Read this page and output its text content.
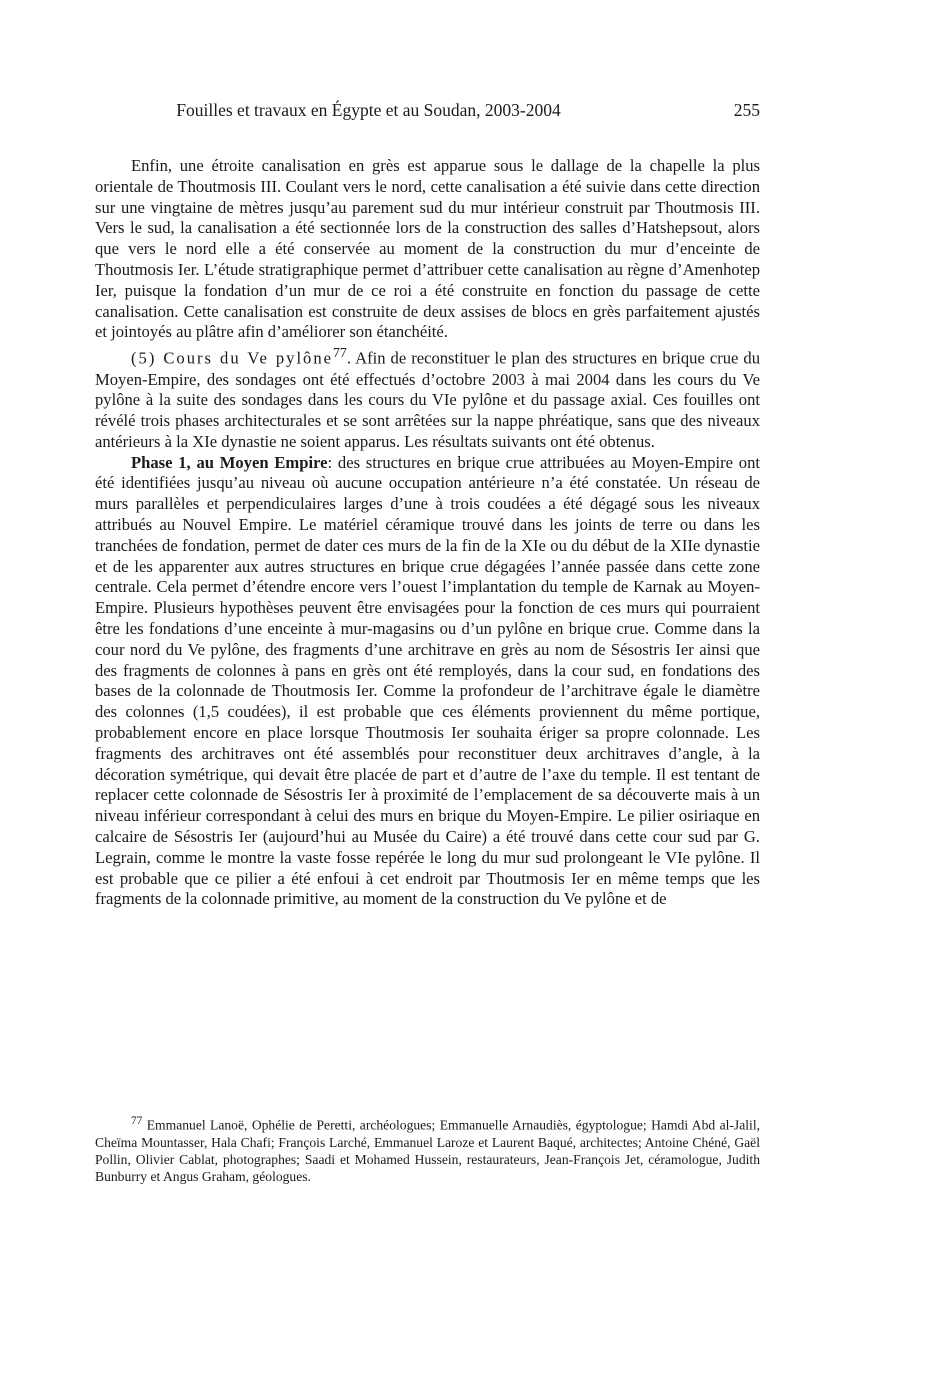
Fouilles et travaux en Égypte et au Soudan, 2003-2004	255

Enfin, une étroite canalisation en grès est apparue sous le dallage de la chapelle la plus orientale de Thoutmosis III. Coulant vers le nord, cette canalisation a été suivie dans cette direction sur une vingtaine de mètres jusqu’au parement sud du mur intérieur construit par Thoutmosis III. Vers le sud, la canalisation a été sectionnée lors de la construction des salles d’Hatshepsout, alors que vers le nord elle a été conservée au moment de la construction du mur d’enceinte de Thoutmosis Ier. L’étude stratigraphique permet d’attribuer cette canalisation au règne d’Amenhotep Ier, puisque la fondation d’un mur de ce roi a été construite en fonction du passage de cette canalisation. Cette canalisation est construite de deux assises de blocs en grès parfaitement ajustés et jointoyés au plâtre afin d’améliorer son étanchéité.

(5) Cours du Ve pylône$^{77}$. Afin de reconstituer le plan des structures en brique crue du Moyen-Empire, des sondages ont été effectués d’octobre 2003 à mai 2004 dans les cours du Ve pylône à la suite des sondages dans les cours du VIe pylône et du passage axial. Ces fouilles ont révélé trois phases architecturales et se sont arrêtées sur la nappe phréatique, sans que des niveaux antérieurs à la XIe dynastie ne soient apparus. Les résultats suivants ont été obtenus.

Phase 1, au Moyen Empire: des structures en brique crue attribuées au Moyen-Empire ont été identifiées jusqu’au niveau où aucune occupation antérieure n’a été constatée. Un réseau de murs parallèles et perpendiculaires larges d’une à trois coudées a été dégagé sous les niveaux attribués au Nouvel Empire. Le matériel céramique trouvé dans les joints de terre ou dans les tranchées de fondation, permet de dater ces murs de la fin de la XIe ou du début de la XIIe dynastie et de les apparenter aux autres structures en brique crue dégagées l’année passée dans cette zone centrale. Cela permet d’étendre encore vers l’ouest l’implantation du temple de Karnak au Moyen-Empire. Plusieurs hypothèses peuvent être envisagées pour la fonction de ces murs qui pourraient être les fondations d’une enceinte à mur-magasins ou d’un pylône en brique crue. Comme dans la cour nord du Ve pylône, des fragments d’une architrave en grès au nom de Sésostris Ier ainsi que des fragments de colonnes à pans en grès ont été remployés, dans la cour sud, en fondations des bases de la colonnade de Thoutmosis Ier. Comme la profondeur de l’architrave égale le diamètre des colonnes (1,5 coudées), il est probable que ces éléments proviennent du même portique, probablement encore en place lorsque Thoutmosis Ier souhaita ériger sa propre colonnade. Les fragments des architraves ont été assemblés pour reconstituer deux architraves d’angle, à la décoration symétrique, qui devait être placée de part et d’autre de l’axe du temple. Il est tentant de replacer cette colonnade de Sésostris Ier à proximité de l’emplacement de sa découverte mais à un niveau inférieur correspondant à celui des murs en brique du Moyen-Empire. Le pilier osiriaque en calcaire de Sésostris Ier (aujourd’hui au Musée du Caire) a été trouvé dans cette cour sud par G. Legrain, comme le montre la vaste fosse repérée le long du mur sud prolongeant le VIe pylône. Il est probable que ce pilier a été enfoui à cet endroit par Thoutmosis Ier en même temps que les fragments de la colonnade primitive, au moment de la construction du Ve pylône et de

$^{77}$ Emmanuel Lanoë, Ophélie de Peretti, archéologues; Emmanuelle Arnaudiès, égyptologue; Hamdi Abd al-Jalil, Cheïma Mountasser, Hala Chafi; François Larché, Emmanuel Laroze et Laurent Baqué, architectes; Antoine Chéné, Gaël Pollin, Olivier Cablat, photographes; Saadi et Mohamed Hussein, restaurateurs, Jean-François Jet, céramologue, Judith Bunburry et Angus Graham, géologues.
